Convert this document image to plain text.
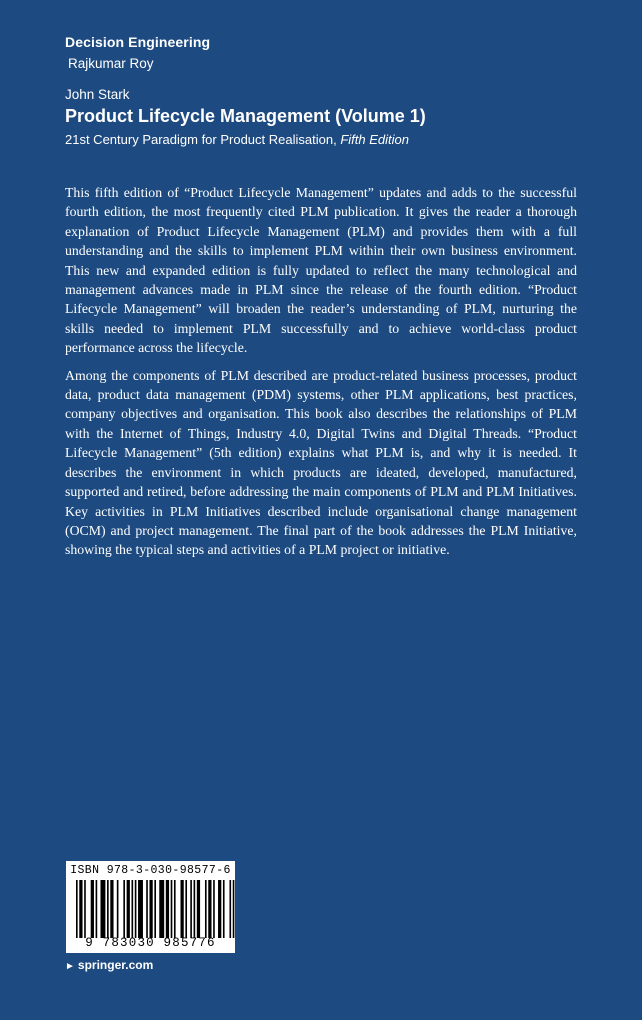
Decision Engineering
Rajkumar Roy
John Stark
Product Lifecycle Management (Volume 1)
21st Century Paradigm for Product Realisation, Fifth Edition

This fifth edition of “Product Lifecycle Management” updates and adds to the successful fourth edition, the most frequently cited PLM publication. It gives the reader a thorough explanation of Product Lifecycle Management (PLM) and provides them with a full understanding and the skills to implement PLM within their own business environment. This new and expanded edition is fully updated to reflect the many technological and management advances made in PLM since the release of the fourth edition. “Product Lifecycle Management” will broaden the reader’s understanding of PLM, nurturing the skills needed to implement PLM successfully and to achieve world-class product performance across the lifecycle.

Among the components of PLM described are product-related business processes, product data, product data management (PDM) systems, other PLM applications, best practices, company objectives and organisation. This book also describes the relationships of PLM with the Internet of Things, Industry 4.0, Digital Twins and Digital Threads. “Product Lifecycle Management” (5th edition) explains what PLM is, and why it is needed. It describes the environment in which products are ideated, developed, manufactured, supported and retired, before addressing the main components of PLM and PLM Initiatives. Key activities in PLM Initiatives described include organisational change management (OCM) and project management. The final part of the book addresses the PLM Initiative, showing the typical steps and activities of a PLM project or initiative.

ISBN 978-3-030-98577-6
9 783030 985776
► springer.com
